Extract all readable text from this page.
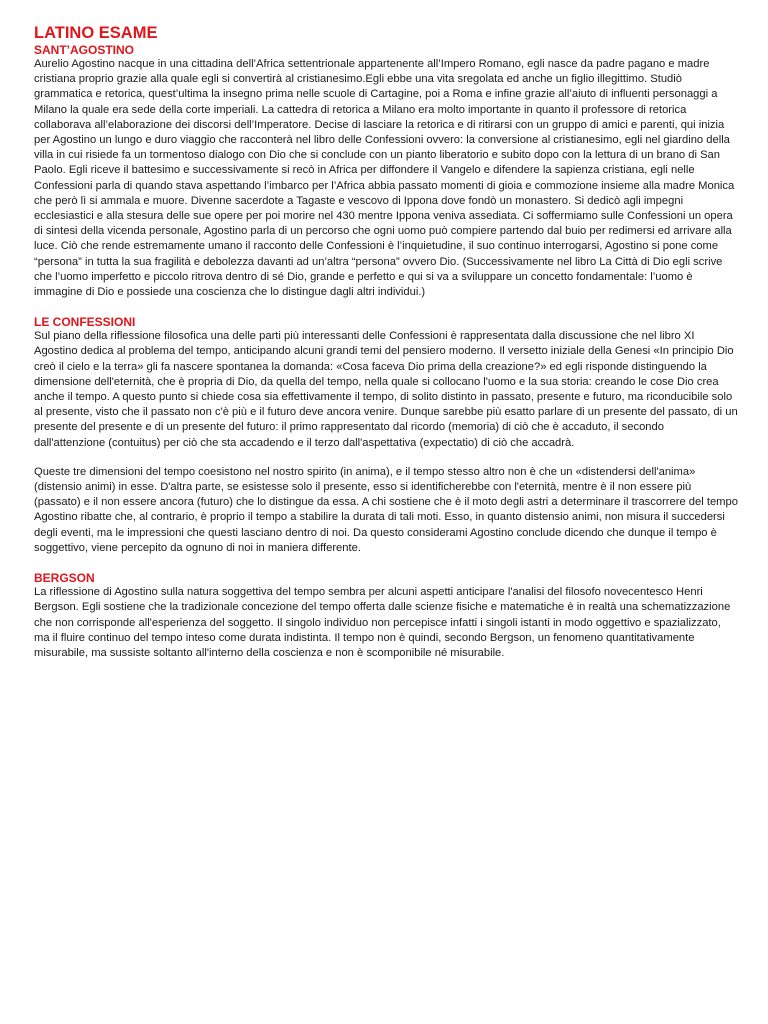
LATINO ESAME
SANT’AGOSTINO

Aurelio Agostino nacque in una cittadina dell’Africa settentrionale appartenente all’Impero Romano, egli nasce da padre pagano e madre cristiana proprio grazie alla quale egli si convertirà al cristianesimo.Egli ebbe una vita sregolata ed anche un figlio illegittimo. Studiò grammatica e retorica, quest’ultima la insegno prima nelle scuole di Cartagine, poi a Roma e infine grazie all’aiuto di influenti personaggi a Milano la quale era sede della corte imperiali. La cattedra di retorica a Milano era molto importante in quanto il professore di retorica collaborava all’elaborazione dei discorsi dell’Imperatore. Decise di lasciare la retorica e di ritirarsi con un gruppo di amici e parenti, qui inizia per Agostino un lungo e duro viaggio che racconterà nel libro delle Confessioni ovvero: la conversione al cristianesimo, egli nel giardino della villa in cui risiede fa un tormentoso dialogo con Dio che si conclude con un pianto liberatorio e subito dopo con la lettura di un brano di San Paolo. Egli riceve il battesimo e successivamente si recò in Africa per diffondere il Vangelo e difendere la sapienza cristiana, egli nelle Confessioni parla di quando stava aspettando l’imbarco per l’Africa abbia passato momenti di gioia e commozione insieme alla madre Monica che però lì si ammala e muore. Divenne sacerdote a Tagaste e vescovo di Ippona dove fondò un monastero. Si dedicò agli impegni ecclesiastici e alla stesura delle sue opere per poi morire nel 430 mentre Ippona veniva assediata. Ci soffermiamo sulle Confessioni un opera di sintesi della vicenda personale, Agostino parla di un percorso che ogni uomo può compiere partendo dal buio per redimersi ed arrivare alla luce. Ciò che rende estremamente umano il racconto delle Confessioni è l’inquietudine, il suo continuo interrogarsi, Agostino si pone come “persona” in tutta la sua fragilità e debolezza davanti ad un’altra “persona” ovvero Dio. (Successivamente nel libro La Città di Dio egli scrive che l’uomo imperfetto e piccolo ritrova dentro di sé Dio, grande e perfetto e qui si va a sviluppare un concetto fondamentale: l’uomo è immagine di Dio e possiede una coscienza che lo distingue dagli altri individui.)

LE CONFESSIONI

Sul piano della riflessione filosofica una delle parti più interessanti delle Confessioni è rappresentata dalla discussione che nel libro XI Agostino dedica al problema del tempo, anticipando alcuni grandi temi del pensiero moderno. Il versetto iniziale della Genesi «In principio Dio creò il cielo e la terra» gli fa nascere spontanea la domanda: «Cosa faceva Dio prima della creazione?» ed egli risponde distinguendo la dimensione dell'eternità, che è propria di Dio, da quella del tempo, nella quale si collocano l'uomo e la sua storia: creando le cose Dio crea anche il tempo. A questo punto si chiede cosa sia effettivamente il tempo, di solito distinto in passato, presente e futuro, ma riconducibile solo al presente, visto che il passato non c'è più e il futuro deve ancora venire. Dunque sarebbe più esatto parlare di un presente del passato, di un presente del presente e di un presente del futuro: il primo rappresentato dal ricordo (memoria) di ciò che è accaduto, il secondo dall'attenzione (contuitus) per ciò che sta accadendo e il terzo dall'aspettativa (expectatio) di ciò che accadrà.

Queste tre dimensioni del tempo coesistono nel nostro spirito (in anima), e il tempo stesso altro non è che un «distendersi dell'anima» (distensio animi) in esse. D'altra parte, se esistesse solo il presente, esso si identificherebbe con l'eternità, mentre è il non essere più (passato) e il non essere ancora (futuro) che lo distingue da essa. A chi sostiene che è il moto degli astri a determinare il trascorrere del tempo Agostino ribatte che, al contrario, è proprio il tempo a stabilire la durata di tali moti. Esso, in quanto distensio animi, non misura il succedersi degli eventi, ma le impressioni che questi lasciano dentro di noi. Da questo considerami Agostino conclude dicendo che dunque il tempo è soggettivo, viene percepito da ognuno di noi in maniera differente.

BERGSON

La riflessione di Agostino sulla natura soggettiva del tempo sembra per alcuni aspetti anticipare l'analisi del filosofo novecentesco Henri Bergson. Egli sostiene che la tradizionale concezione del tempo offerta dalle scienze fisiche e matematiche è in realtà una schematizzazione che non corrisponde all'esperienza del soggetto. Il singolo individuo non percepisce infatti i singoli istanti in modo oggettivo e spazializzato, ma il fluire continuo del tempo inteso come durata indistinta. Il tempo non è quindi, secondo Bergson, un fenomeno quantitativamente misurabile, ma sussiste soltanto all'interno della coscienza e non è scomponibile né misurabile.
